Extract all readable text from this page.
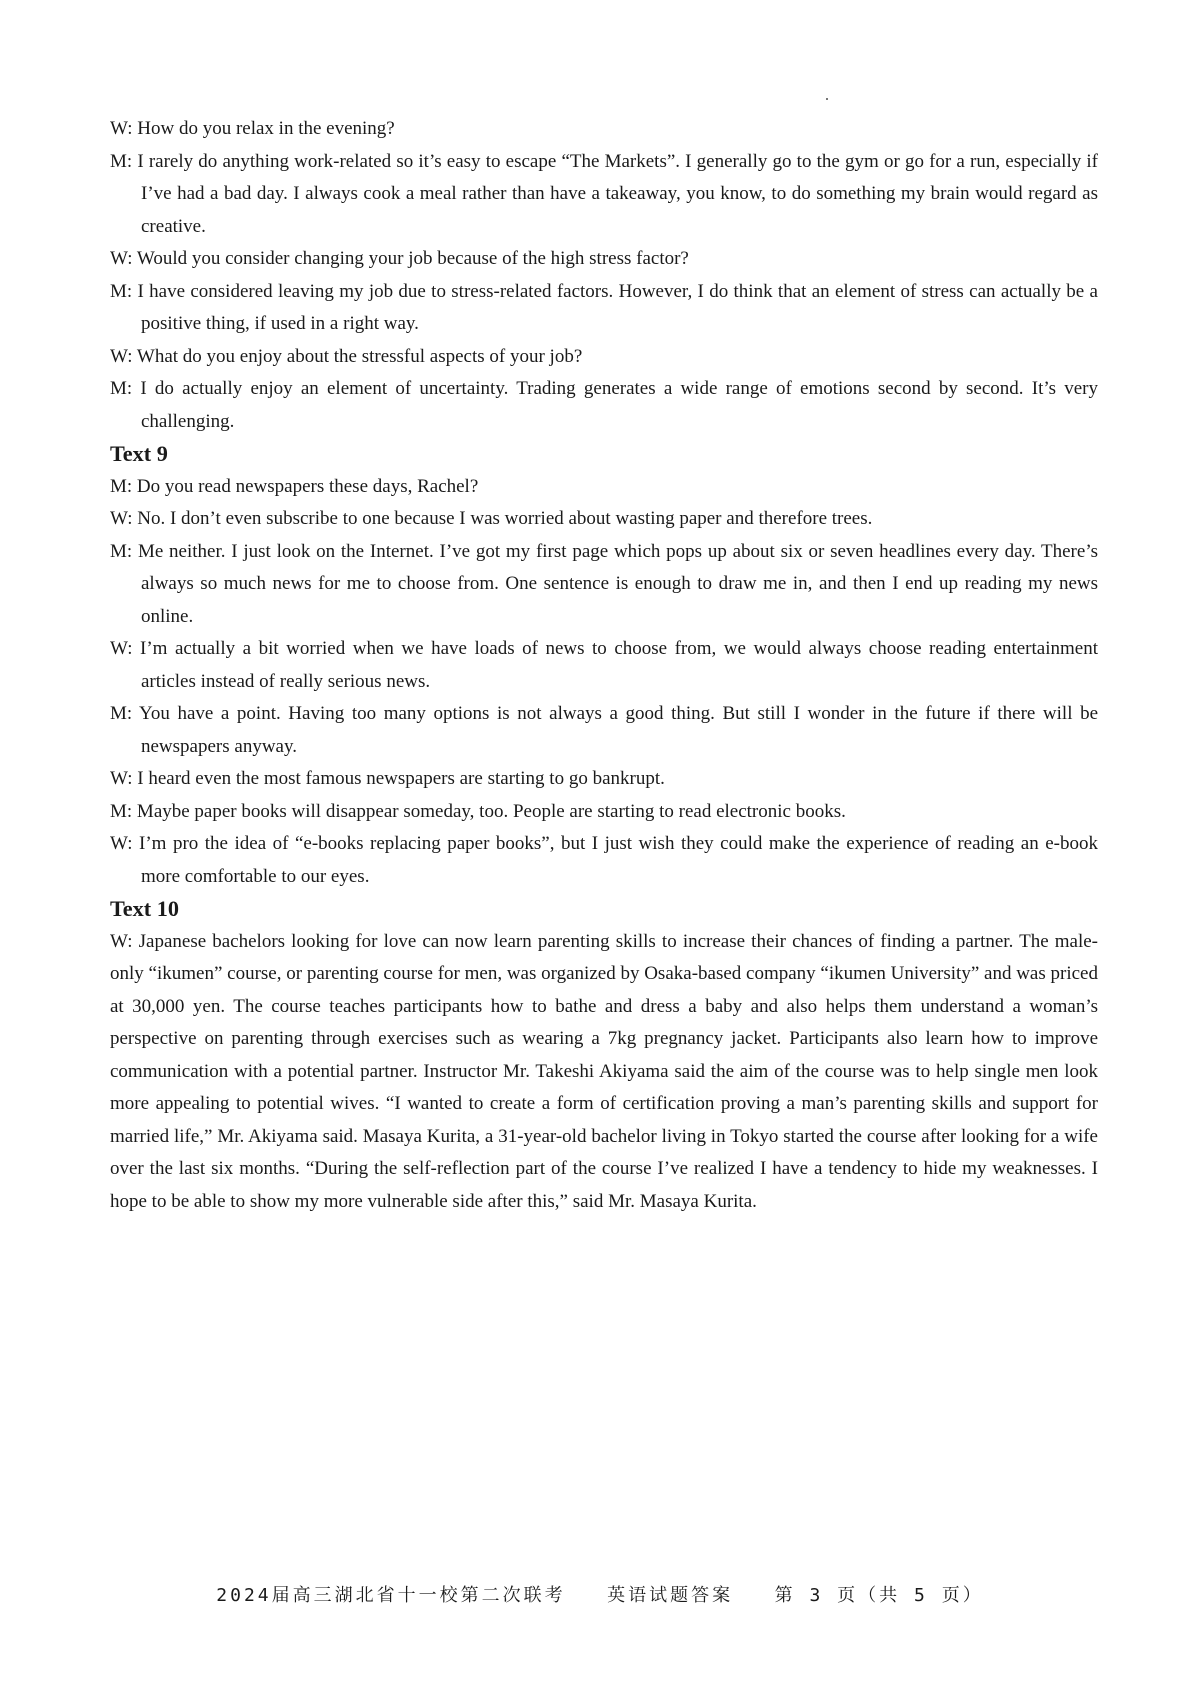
W: How do you relax in the evening?

M: I rarely do anything work-related so it’s easy to escape “The Markets”. I generally go to the gym or go for a run, especially if I’ve had a bad day. I always cook a meal rather than have a takeaway, you know, to do something my brain would regard as creative.

W: Would you consider changing your job because of the high stress factor?

M: I have considered leaving my job due to stress-related factors. However, I do think that an element of stress can actually be a positive thing, if used in a right way.

W: What do you enjoy about the stressful aspects of your job?

M: I do actually enjoy an element of uncertainty. Trading generates a wide range of emotions second by second. It’s very challenging.

Text 9

M: Do you read newspapers these days, Rachel?

W: No. I don’t even subscribe to one because I was worried about wasting paper and therefore trees.

M: Me neither. I just look on the Internet. I’ve got my first page which pops up about six or seven headlines every day. There’s always so much news for me to choose from. One sentence is enough to draw me in, and then I end up reading my news online.

W: I’m actually a bit worried when we have loads of news to choose from, we would always choose reading entertainment articles instead of really serious news.

M: You have a point. Having too many options is not always a good thing. But still I wonder in the future if there will be newspapers anyway.

W: I heard even the most famous newspapers are starting to go bankrupt.

M: Maybe paper books will disappear someday, too. People are starting to read electronic books.

W: I’m pro the idea of “e-books replacing paper books”, but I just wish they could make the experience of reading an e-book more comfortable to our eyes.

Text 10

W: Japanese bachelors looking for love can now learn parenting skills to increase their chances of finding a partner. The male-only “ikumen” course, or parenting course for men, was organized by Osaka-based company “ikumen University” and was priced at 30,000 yen. The course teaches participants how to bathe and dress a baby and also helps them understand a woman’s perspective on parenting through exercises such as wearing a 7kg pregnancy jacket. Participants also learn how to improve communication with a potential partner. Instructor Mr. Takeshi Akiyama said the aim of the course was to help single men look more appealing to potential wives. “I wanted to create a form of certification proving a man’s parenting skills and support for married life,” Mr. Akiyama said. Masaya Kurita, a 31-year-old bachelor living in Tokyo started the course after looking for a wife over the last six months. “During the self-reflection part of the course I’ve realized I have a tendency to hide my weaknesses. I hope to be able to show my more vulnerable side after this,” said Mr. Masaya Kurita.

2024届高三湖北省十一校第二次联考 英语试题答案 第 3 页（共 5 页）
